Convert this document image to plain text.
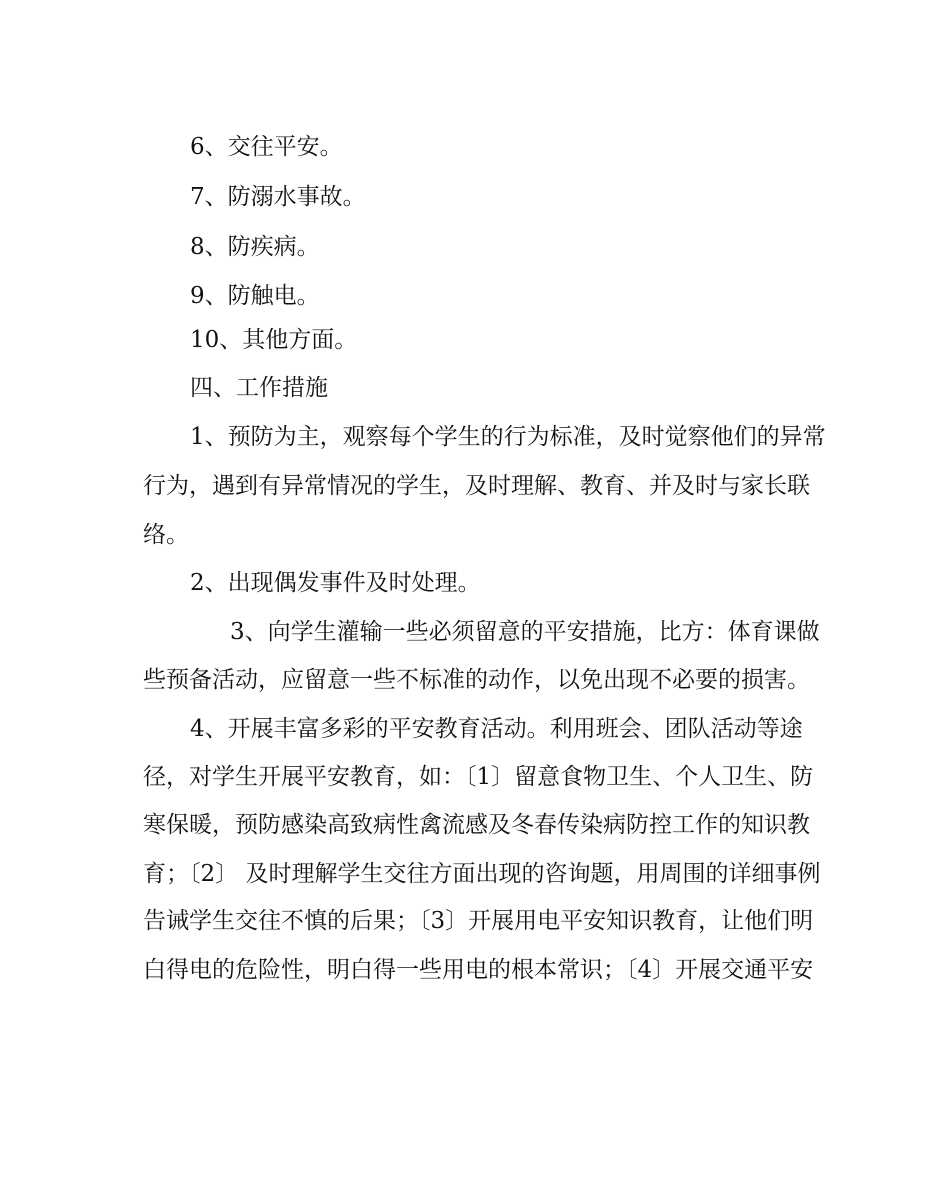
6、交往平安。
7、防溺水事故。
8、防疾病。
9、防触电。
10、其他方面。
四、工作措施
1、预防为主，观察每个学生的行为标准，及时觉察他们的异常
行为，遇到有异常情况的学生，及时理解、教育、并及时与家长联
络。
2、出现偶发事件及时处理。
3、向学生灌输一些必须留意的平安措施，比方：体育课做
些预备活动，应留意一些不标准的动作，以免出现不必要的损害。
4、开展丰富多彩的平安教育活动。利用班会、团队活动等途
径，对学生开展平安教育，如：〔1〕留意食物卫生、个人卫生、防
寒保暖，预防感染高致病性禽流感及冬春传染病防控工作的知识教
育；〔2〕 及时理解学生交往方面出现的咨询题，用周围的详细事例
告诫学生交往不慎的后果；〔3〕开展用电平安知识教育，让他们明
白得电的危险性，明白得一些用电的根本常识；〔4〕开展交通平安
